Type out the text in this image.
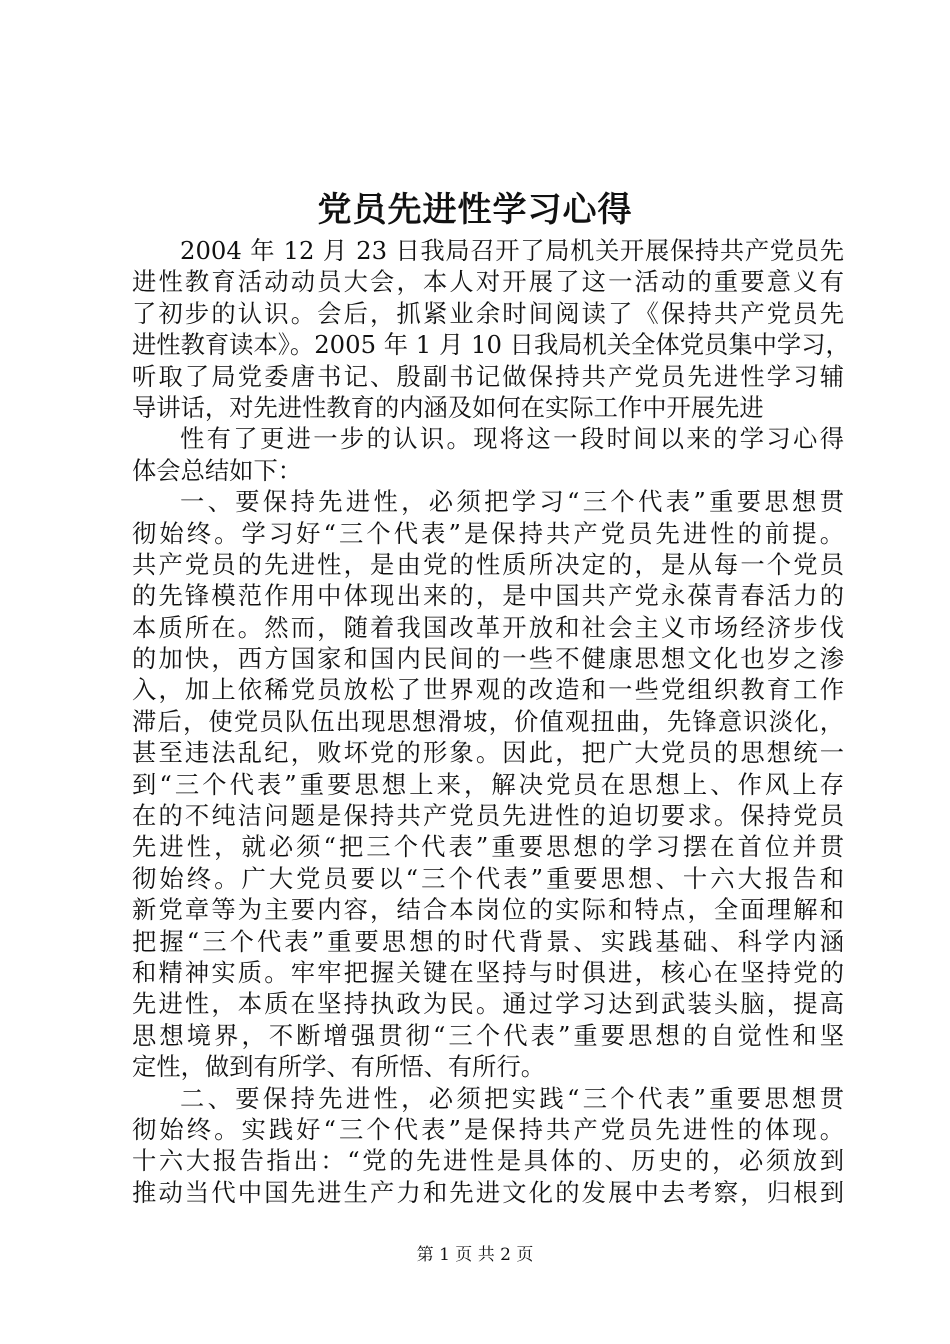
党员先进性学习心得
2004 年 12 月 23 日我局召开了局机关开展保持共产党员先
进性教育活动动员大会，本人对开展了这一活动的重要意义有
了初步的认识。会后，抓紧业余时间阅读了《保持共产党员先
进性教育读本》。2005 年 1 月 10 日我局机关全体党员集中学习，
听取了局党委唐书记、殷副书记做保持共产党员先进性学习辅
导讲话，对先进性教育的内涵及如何在实际工作中开展先进
性有了更进一步的认识。现将这一段时间以来的学习心得
体会总结如下：
一、要保持先进性，必须把学习“三个代表”重要思想贯
彻始终。学习好“三个代表”是保持共产党员先进性的前提。
共产党员的先进性，是由党的性质所决定的，是从每一个党员
的先锋模范作用中体现出来的，是中国共产党永葆青春活力的
本质所在。然而，随着我国改革开放和社会主义市场经济步伐
的加快，西方国家和国内民间的一些不健康思想文化也岁之渗
入，加上依稀党员放松了世界观的改造和一些党组织教育工作
滞后，使党员队伍出现思想滑坡，价值观扭曲，先锋意识淡化，
甚至违法乱纪，败坏党的形象。因此，把广大党员的思想统一
到“三个代表”重要思想上来，解决党员在思想上、作风上存
在的不纯洁问题是保持共产党员先进性的迫切要求。保持党员
先进性，就必须“把三个代表”重要思想的学习摆在首位并贯
彻始终。广大党员要以“三个代表”重要思想、十六大报告和
新党章等为主要内容，结合本岗位的实际和特点，全面理解和
把握“三个代表”重要思想的时代背景、实践基础、科学内涵
和精神实质。牢牢把握关键在坚持与时俱进，核心在坚持党的
先进性，本质在坚持执政为民。通过学习达到武装头脑，提高
思想境界，不断增强贯彻“三个代表”重要思想的自觉性和坚
定性，做到有所学、有所悟、有所行。
二、要保持先进性，必须把实践“三个代表”重要思想贯
彻始终。实践好“三个代表”是保持共产党员先进性的体现。
十六大报告指出：“党的先进性是具体的、历史的，必须放到
推动当代中国先进生产力和先进文化的发展中去考察，归根到
第 1 页 共 2 页
